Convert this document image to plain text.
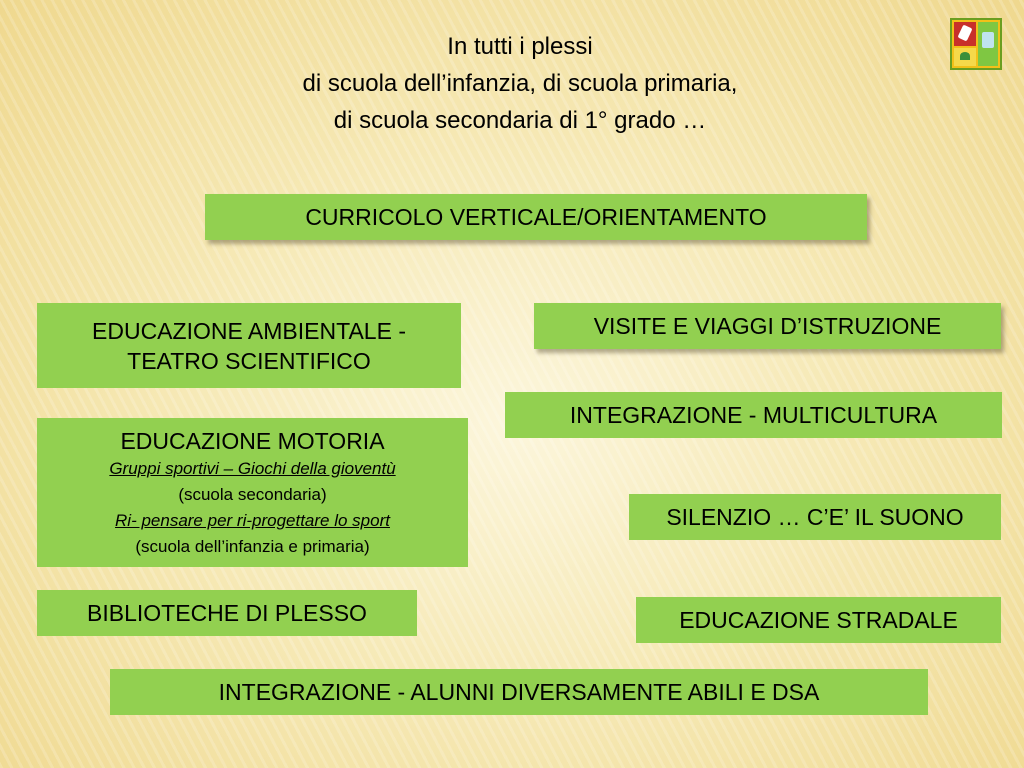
In tutti i plessi
di scuola dell’infanzia, di scuola primaria,
di scuola secondaria di 1° grado …
CURRICOLO VERTICALE/ORIENTAMENTO
EDUCAZIONE AMBIENTALE -
TEATRO SCIENTIFICO
VISITE E VIAGGI D’ISTRUZIONE
INTEGRAZIONE - MULTICULTURA
EDUCAZIONE MOTORIA
Gruppi sportivi – Giochi della gioventù
(scuola secondaria)
Ri- pensare per ri-progettare lo sport
(scuola dell’infanzia e primaria)
SILENZIO … C’E’ IL SUONO
BIBLIOTECHE DI PLESSO	EDUCAZIONE STRADALE
INTEGRAZIONE - ALUNNI DIVERSAMENTE ABILI E DSA
